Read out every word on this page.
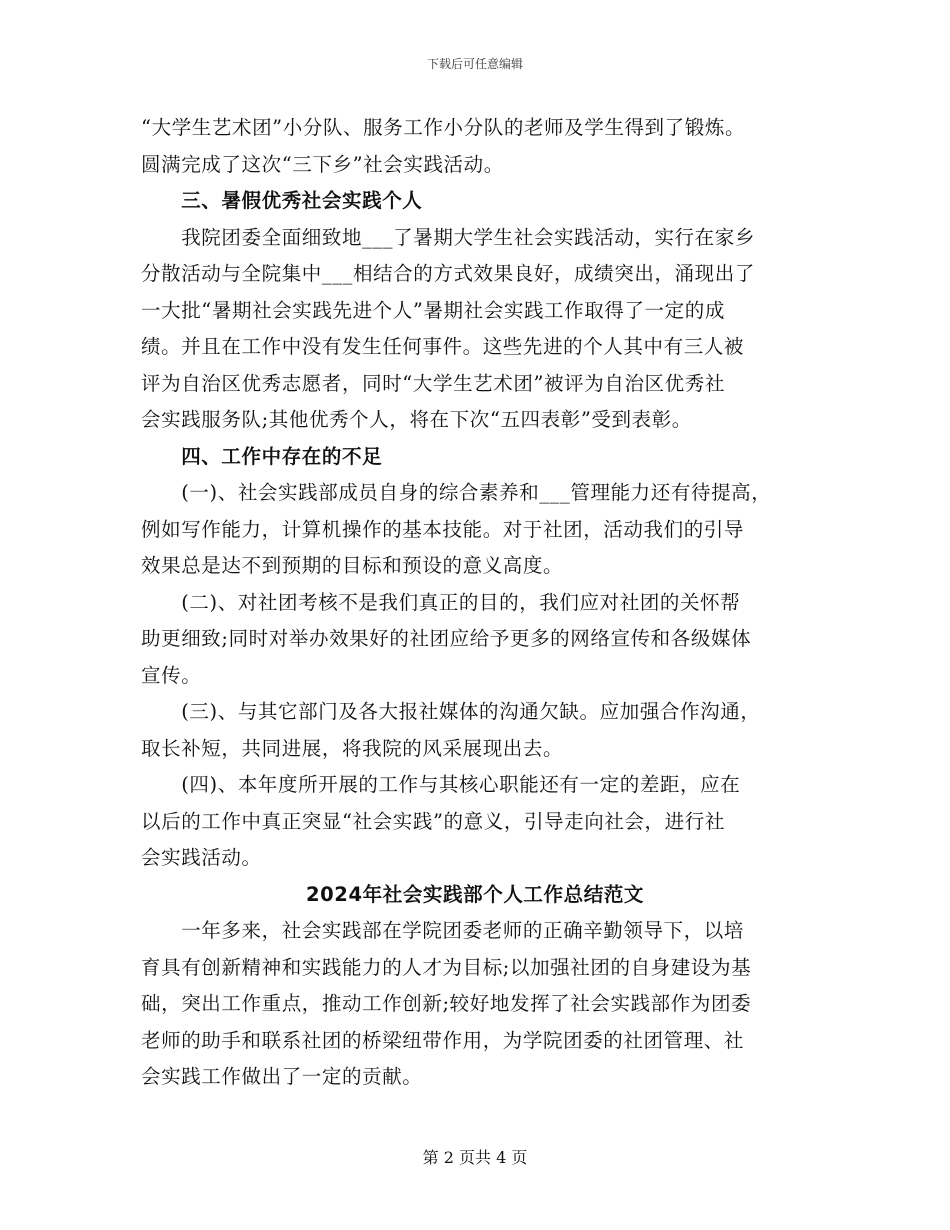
下载后可任意编辑

“大学生艺术团”小分队、服务工作小分队的老师及学生得到了锻炼。

圆满完成了这次“三下乡”社会实践活动。

　　三、暑假优秀社会实践个人

　　我院团委全面细致地___了暑期大学生社会实践活动，实行在家乡

分散活动与全院集中___相结合的方式效果良好，成绩突出，涌现出了

一大批“暑期社会实践先进个人”暑期社会实践工作取得了一定的成

绩。并且在工作中没有发生任何事件。这些先进的个人其中有三人被

评为自治区优秀志愿者，同时“大学生艺术团”被评为自治区优秀社

会实践服务队;其他优秀个人，将在下次“五四表彰”受到表彰。

　　四、工作中存在的不足

　　(一)、社会实践部成员自身的综合素养和___管理能力还有待提高，

例如写作能力，计算机操作的基本技能。对于社团，活动我们的引导

效果总是达不到预期的目标和预设的意义高度。

　　(二)、对社团考核不是我们真正的目的，我们应对社团的关怀帮

助更细致;同时对举办效果好的社团应给予更多的网络宣传和各级媒体

宣传。

　　(三)、与其它部门及各大报社媒体的沟通欠缺。应加强合作沟通，

取长补短，共同进展，将我院的风采展现出去。

　　(四)、本年度所开展的工作与其核心职能还有一定的差距，应在

以后的工作中真正突显“社会实践”的意义，引导走向社会，进行社

会实践活动。

2024年社会实践部个人工作总结范文

　　一年多来，社会实践部在学院团委老师的正确辛勤领导下，以培

育具有创新精神和实践能力的人才为目标;以加强社团的自身建设为基

础，突出工作重点，推动工作创新;较好地发挥了社会实践部作为团委

老师的助手和联系社团的桥梁纽带作用，为学院团委的社团管理、社

会实践工作做出了一定的贡献。

第 2 页共 4 页
